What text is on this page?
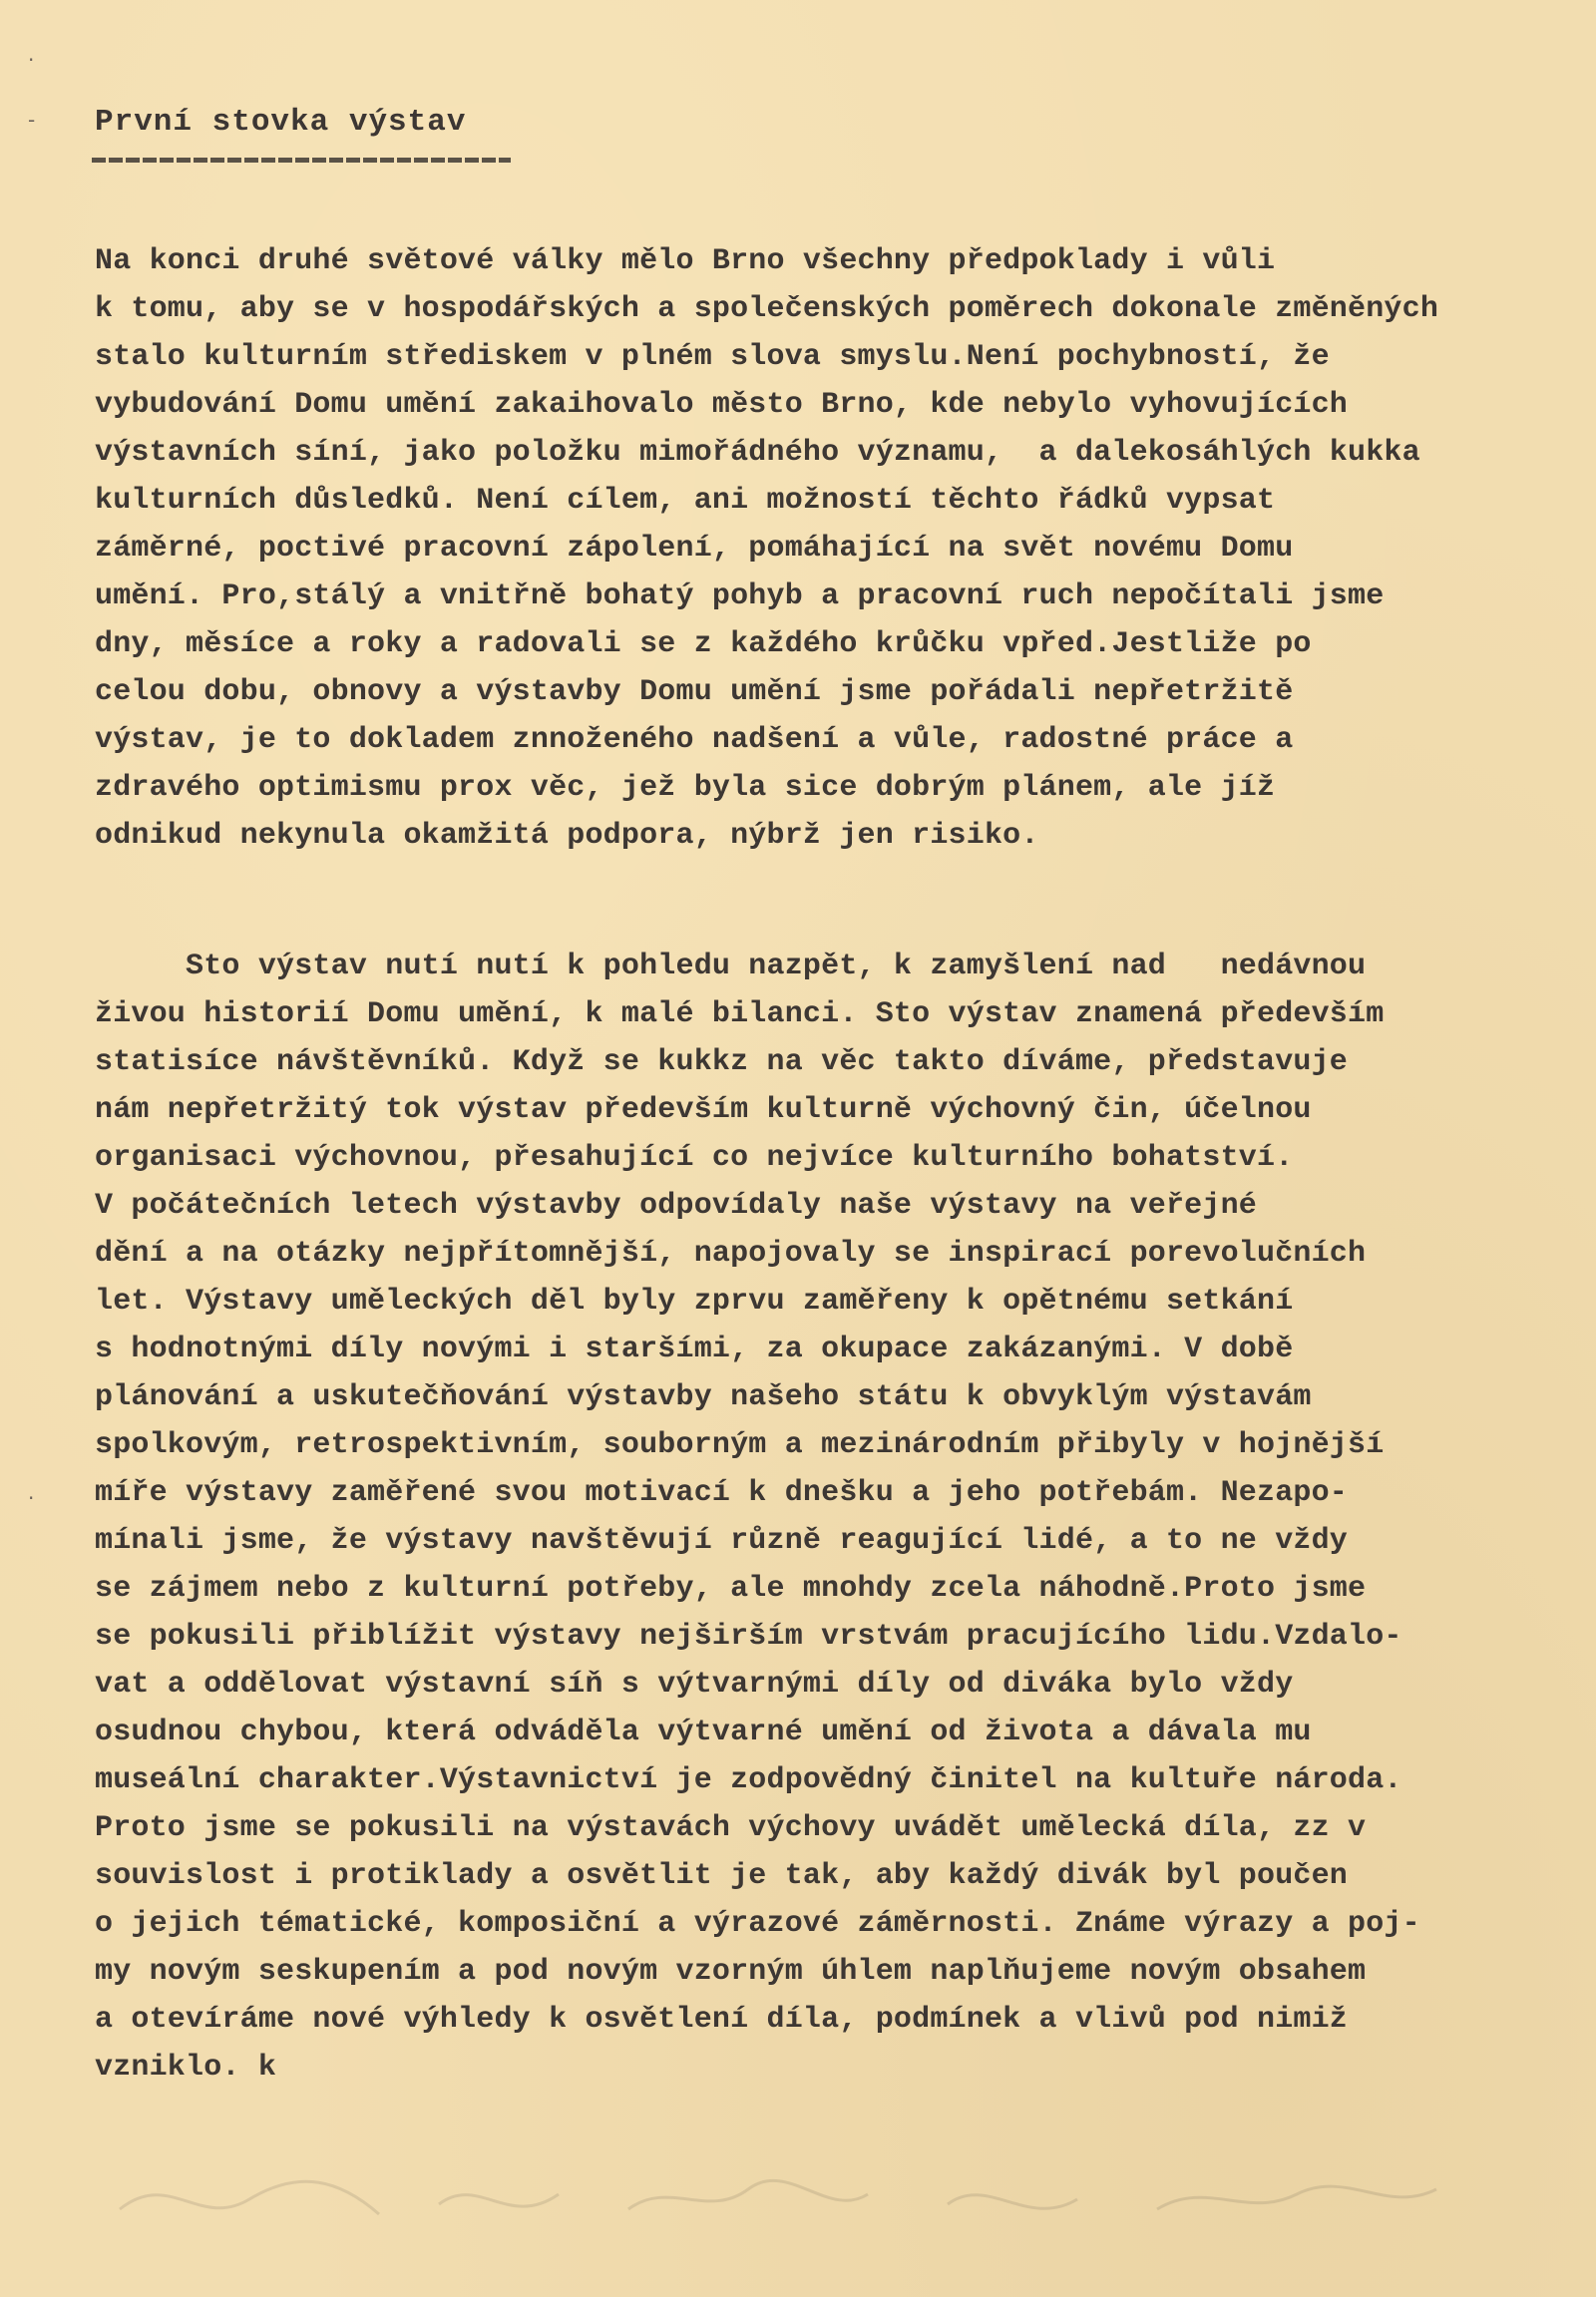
·
-
·
První stovka výstav

Na konci druhé světové války mělo Brno všechny předpoklady i vůli
k tomu, aby se v hospodářských a společenských poměrech dokonale změněných
stalo kulturním střediskem v plném slova smyslu.Není pochybností, že
vybudování Domu umění zakaihovalo město Brno, kde nebylo vyhovujících
výstavních síní, jako položku mimořádného významu,  a dalekosáhlých kukka
kulturních důsledků. Není cílem, ani možností těchto řádků vypsat
záměrné, poctivé pracovní zápolení, pomáhající na svět novému Domu
umění. Pro,stálý a vnitřně bohatý pohyb a pracovní ruch nepočítali jsme
dny, měsíce a roky a radovali se z každého krůčku vpřed.Jestliže po
celou dobu, obnovy a výstavby Domu umění jsme pořádali nepřetržitě
výstav, je to dokladem znnoženého nadšení a vůle, radostné práce a
zdravého optimismu prox věc, jež byla sice dobrým plánem, ale jíž
odnikud nekynula okamžitá podpora, nýbrž jen risiko.

Sto výstav nutí nutí k pohledu nazpět, k zamyšlení nad   nedávnou
živou historií Domu umění, k malé bilanci. Sto výstav znamená především
statisíce návštěvníků. Když se kukkz na věc takto díváme, představuje
nám nepřetržitý tok výstav především kulturně výchovný čin, účelnou
organisaci výchovnou, přesahující co nejvíce kulturního bohatství.
V počátečních letech výstavby odpovídaly naše výstavy na veřejné
dění a na otázky nejpřítomnější, napojovaly se inspirací porevolučních
let. Výstavy uměleckých děl byly zprvu zaměřeny k opětnému setkání
s hodnotnými díly novými i staršími, za okupace zakázanými. V době
plánování a uskutečňování výstavby našeho státu k obvyklým výstavám
spolkovým, retrospektivním, souborným a mezinárodním přibyly v hojnější
míře výstavy zaměřené svou motivací k dnešku a jeho potřebám. Nezapo-
mínali jsme, že výstavy navštěvují různě reagující lidé, a to ne vždy
se zájmem nebo z kulturní potřeby, ale mnohdy zcela náhodně.Proto jsme
se pokusili přiblížit výstavy nejširším vrstvám pracujícího lidu.Vzdalo-
vat a oddělovat výstavní síň s výtvarnými díly od diváka bylo vždy
osudnou chybou, která odváděla výtvarné umění od života a dávala mu
museální charakter.Výstavnictví je zodpovědný činitel na kultuře národa.
Proto jsme se pokusili na výstavách výchovy uvádět umělecká díla, zz v
souvislost i protiklady a osvětlit je tak, aby každý divák byl poučen
o jejich tématické, komposiční a výrazové záměrnosti. Známe výrazy a poj-
my novým seskupením a pod novým vzorným úhlem naplňujeme novým obsahem
a otevíráme nové výhledy k osvětlení díla, podmínek a vlivů pod nimiž
vzniklo. k
